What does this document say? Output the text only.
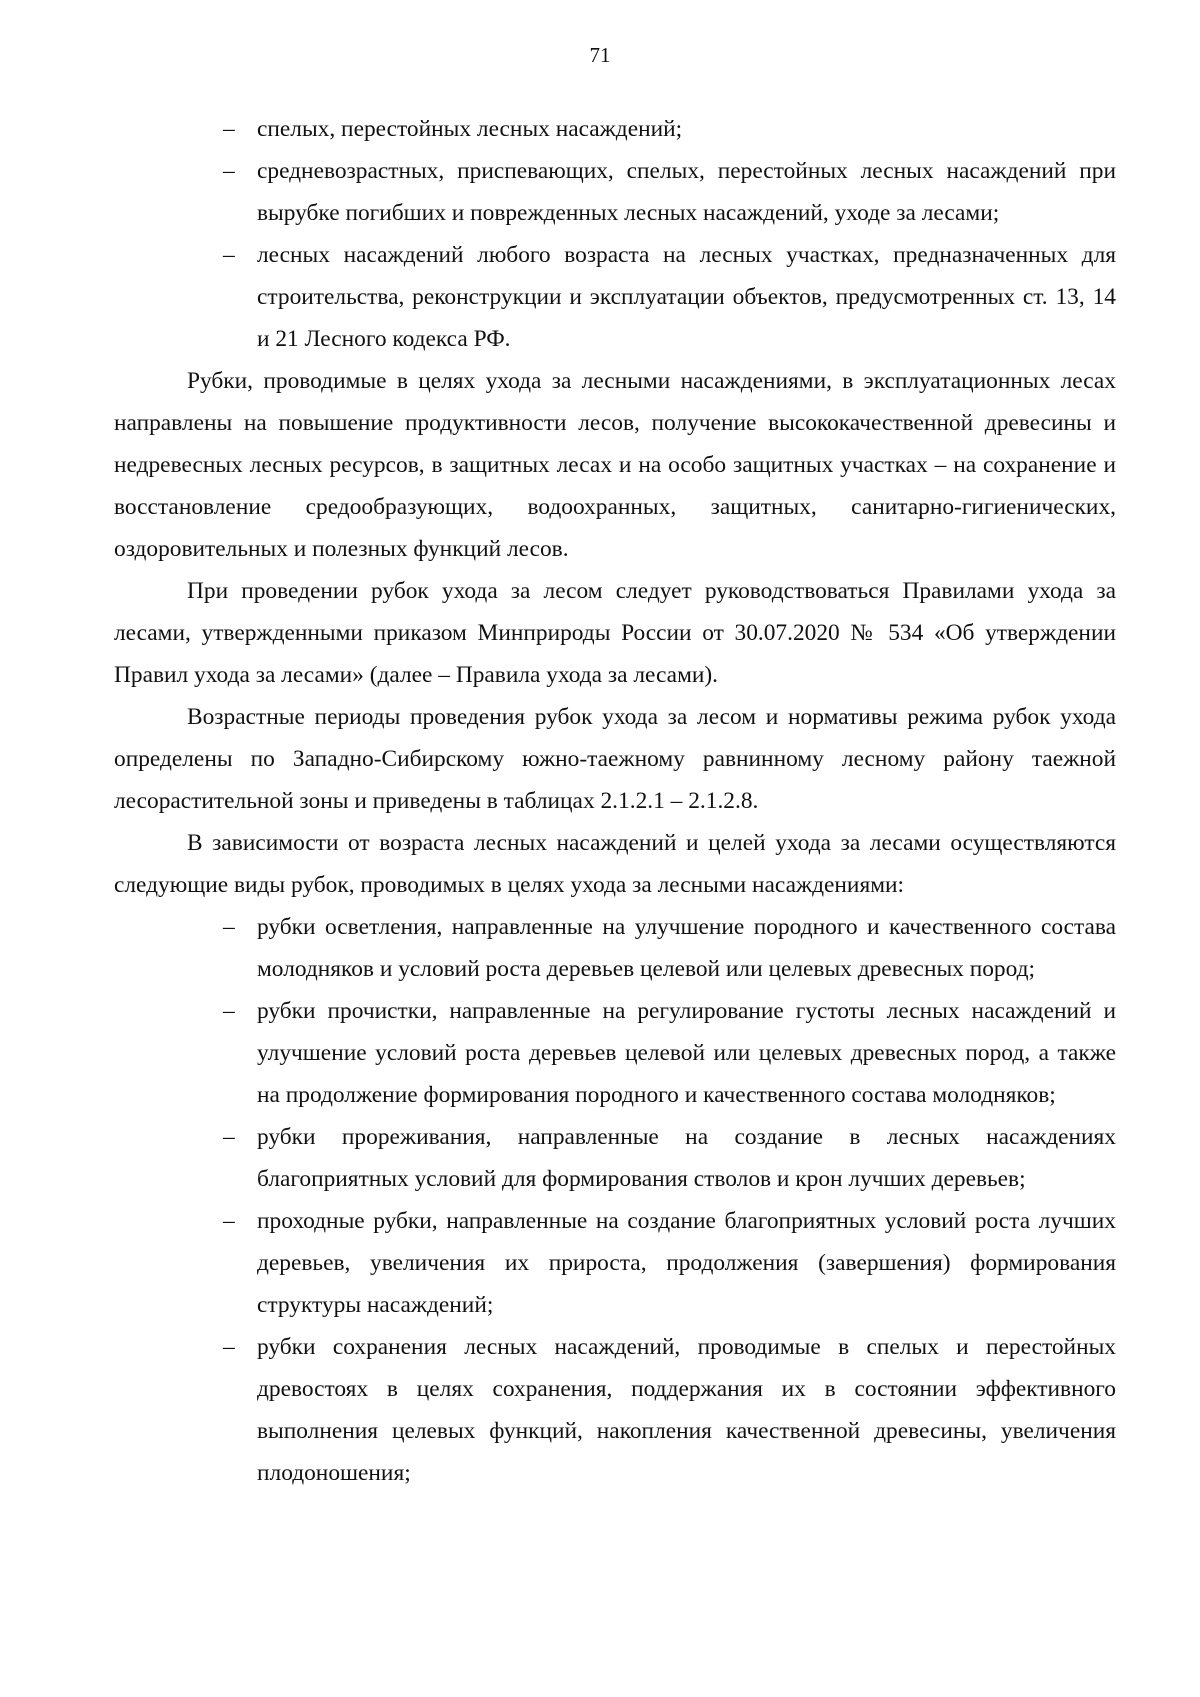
71
– спелых, перестойных лесных насаждений;
– средневозрастных, приспевающих, спелых, перестойных лесных насаждений при вырубке погибших и поврежденных лесных насаждений, уходе за лесами;
– лесных насаждений любого возраста на лесных участках, предназначенных для строительства, реконструкции и эксплуатации объектов, предусмотренных ст. 13, 14 и 21 Лесного кодекса РФ.

Рубки, проводимые в целях ухода за лесными насаждениями, в эксплуатационных лесах направлены на повышение продуктивности лесов, получение высококачественной древесины и недревесных лесных ресурсов, в защитных лесах и на особо защитных участках – на сохранение и восстановление средообразующих, водоохранных, защитных, санитарно-гигиенических, оздоровительных и полезных функций лесов.

При проведении рубок ухода за лесом следует руководствоваться Правилами ухода за лесами, утвержденными приказом Минприроды России от 30.07.2020 № 534 «Об утверждении Правил ухода за лесами» (далее – Правила ухода за лесами).

Возрастные периоды проведения рубок ухода за лесом и нормативы режима рубок ухода определены по Западно-Сибирскому южно-таежному равнинному лесному району таежной лесорастительной зоны и приведены в таблицах 2.1.2.1 – 2.1.2.8.

В зависимости от возраста лесных насаждений и целей ухода за лесами осуществляются следующие виды рубок, проводимых в целях ухода за лесными насаждениями:

– рубки осветления, направленные на улучшение породного и качественного состава молодняков и условий роста деревьев целевой или целевых древесных пород;
– рубки прочистки, направленные на регулирование густоты лесных насаждений и улучшение условий роста деревьев целевой или целевых древесных пород, а также на продолжение формирования породного и качественного состава молодняков;
– рубки прореживания, направленные на создание в лесных насаждениях благоприятных условий для формирования стволов и крон лучших деревьев;
– проходные рубки, направленные на создание благоприятных условий роста лучших деревьев, увеличения их прироста, продолжения (завершения) формирования структуры насаждений;
– рубки сохранения лесных насаждений, проводимые в спелых и перестойных древостоях в целях сохранения, поддержания их в состоянии эффективного выполнения целевых функций, накопления качественной древесины, увеличения плодоношения;
